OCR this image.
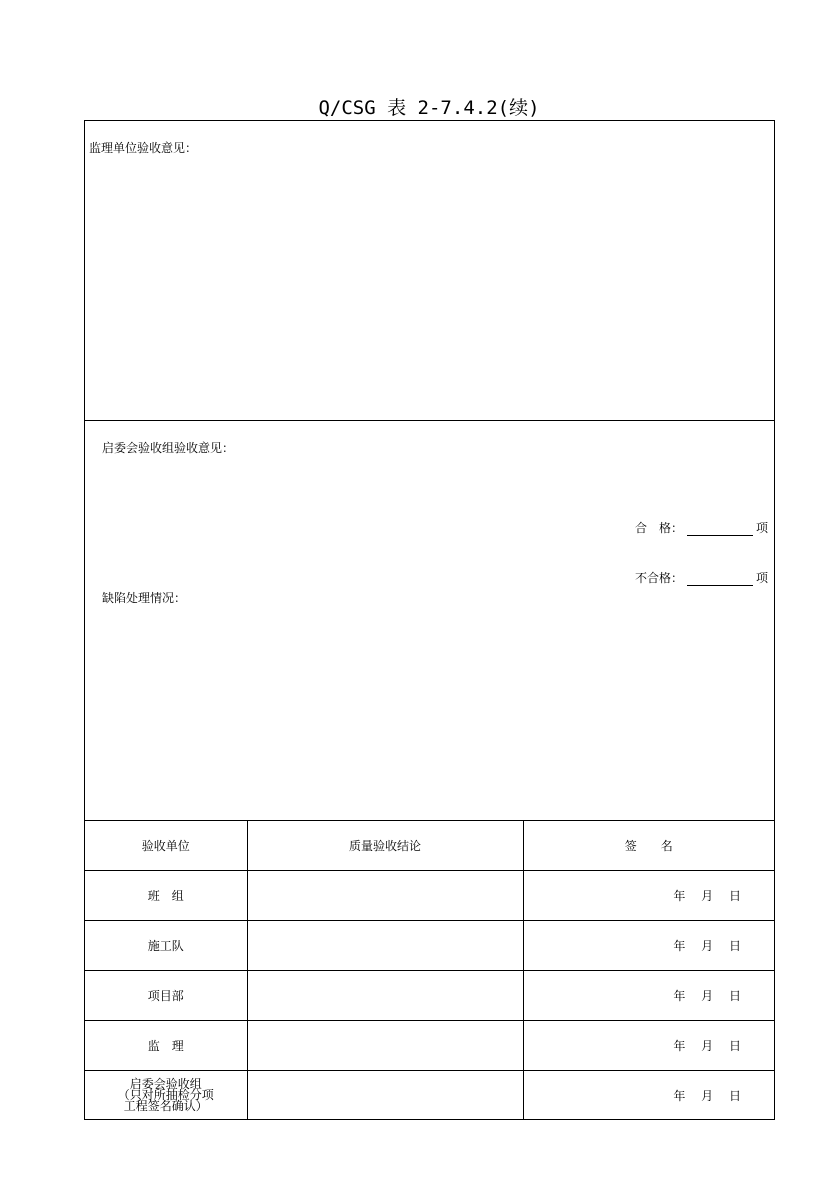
Q/CSG 表 2-7.4.2(续)
监理单位验收意见：
启委会验收组验收意见：

合　格：	项

不合格：	项

缺陷处理情况：
验收单位	质量验收结论	签　　名
班　组		年　 月　 日
施工队		年　 月　 日
项目部		年　 月　 日
监　理		年　 月　 日
启委会验收组
（只对所抽检分项
工程签名确认）		年　 月　 日
